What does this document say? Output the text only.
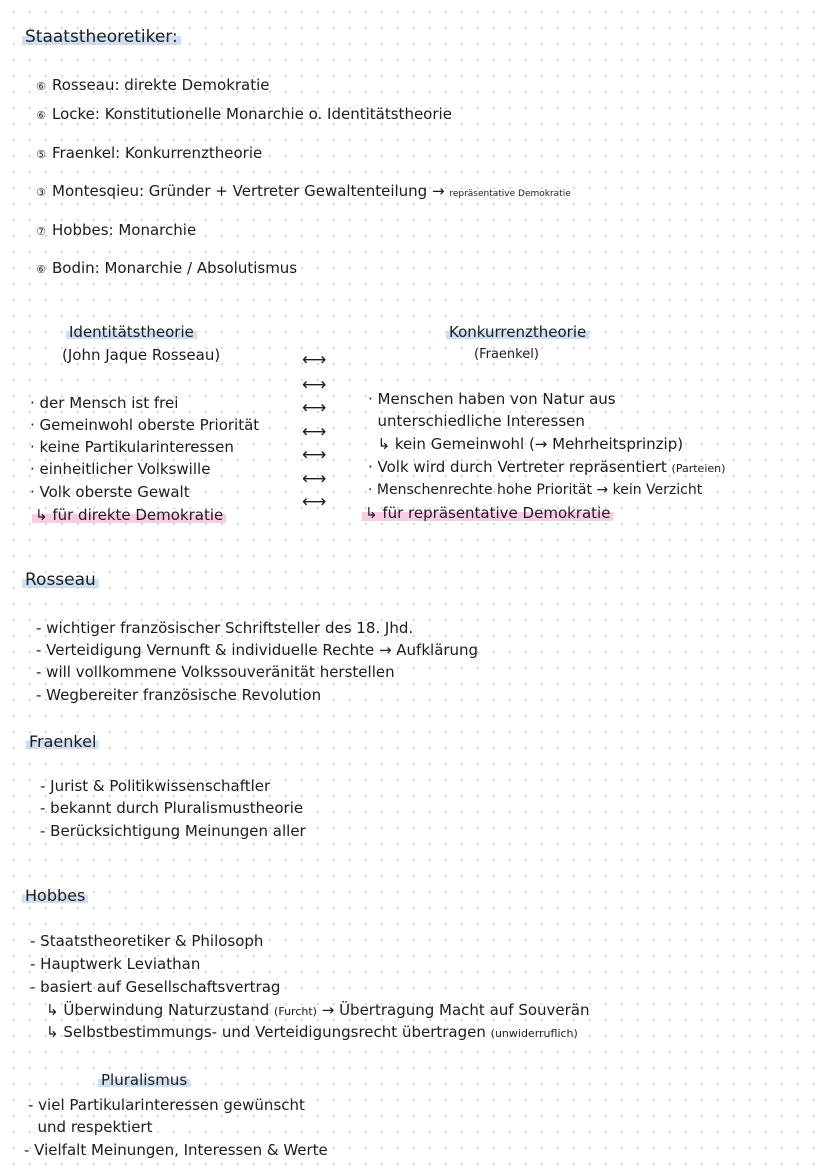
Staatstheoretiker:
⑥ Rosseau: direkte Demokratie
⑥ Locke: Konstitutionelle Monarchie o. Identitätstheorie
⑤ Fraenkel: Konkurrenztheorie
③ Montesqieu: Gründer + Vertreter Gewaltenteilung → repräsentative Demokratie
⑦ Hobbes: Monarchie
⑥ Bodin: Monarchie / Absolutismus
Identitätstheorie
(John Jaque Rosseau)
Konkurrenztheorie
(Fraenkel)
⟷
⟷
⟷
⟷
⟷
⟷
⟷
· der Mensch ist frei
· Gemeinwohl oberste Priorität
· keine Partikularinteressen
· einheitlicher Volkswille
· Volk oberste Gewalt
↳ für direkte Demokratie
· Menschen haben von Natur aus
unterschiedliche Interessen
↳ kein Gemeinwohl (→ Mehrheitsprinzip)
· Volk wird durch Vertreter repräsentiert (Parteien)
· Menschenrechte hohe Priorität → kein Verzicht
↳ für repräsentative Demokratie
Rosseau
- wichtiger französischer Schriftsteller des 18. Jhd.
- Verteidigung Vernunft & individuelle Rechte → Aufklärung
- will vollkommene Volkssouveränität herstellen
- Wegbereiter französische Revolution
Fraenkel
- Jurist & Politikwissenschaftler
- bekannt durch Pluralismustheorie
- Berücksichtigung Meinungen aller
Hobbes
- Staatstheoretiker & Philosoph
- Hauptwerk Leviathan
- basiert auf Gesellschaftsvertrag
↳ Überwindung Naturzustand (Furcht) → Übertragung Macht auf Souverän
↳ Selbstbestimmungs- und Verteidigungsrecht übertragen (unwiderruflich)
Pluralismus
- viel Partikularinteressen gewünscht
und respektiert
- Vielfalt Meinungen, Interessen & Werte
